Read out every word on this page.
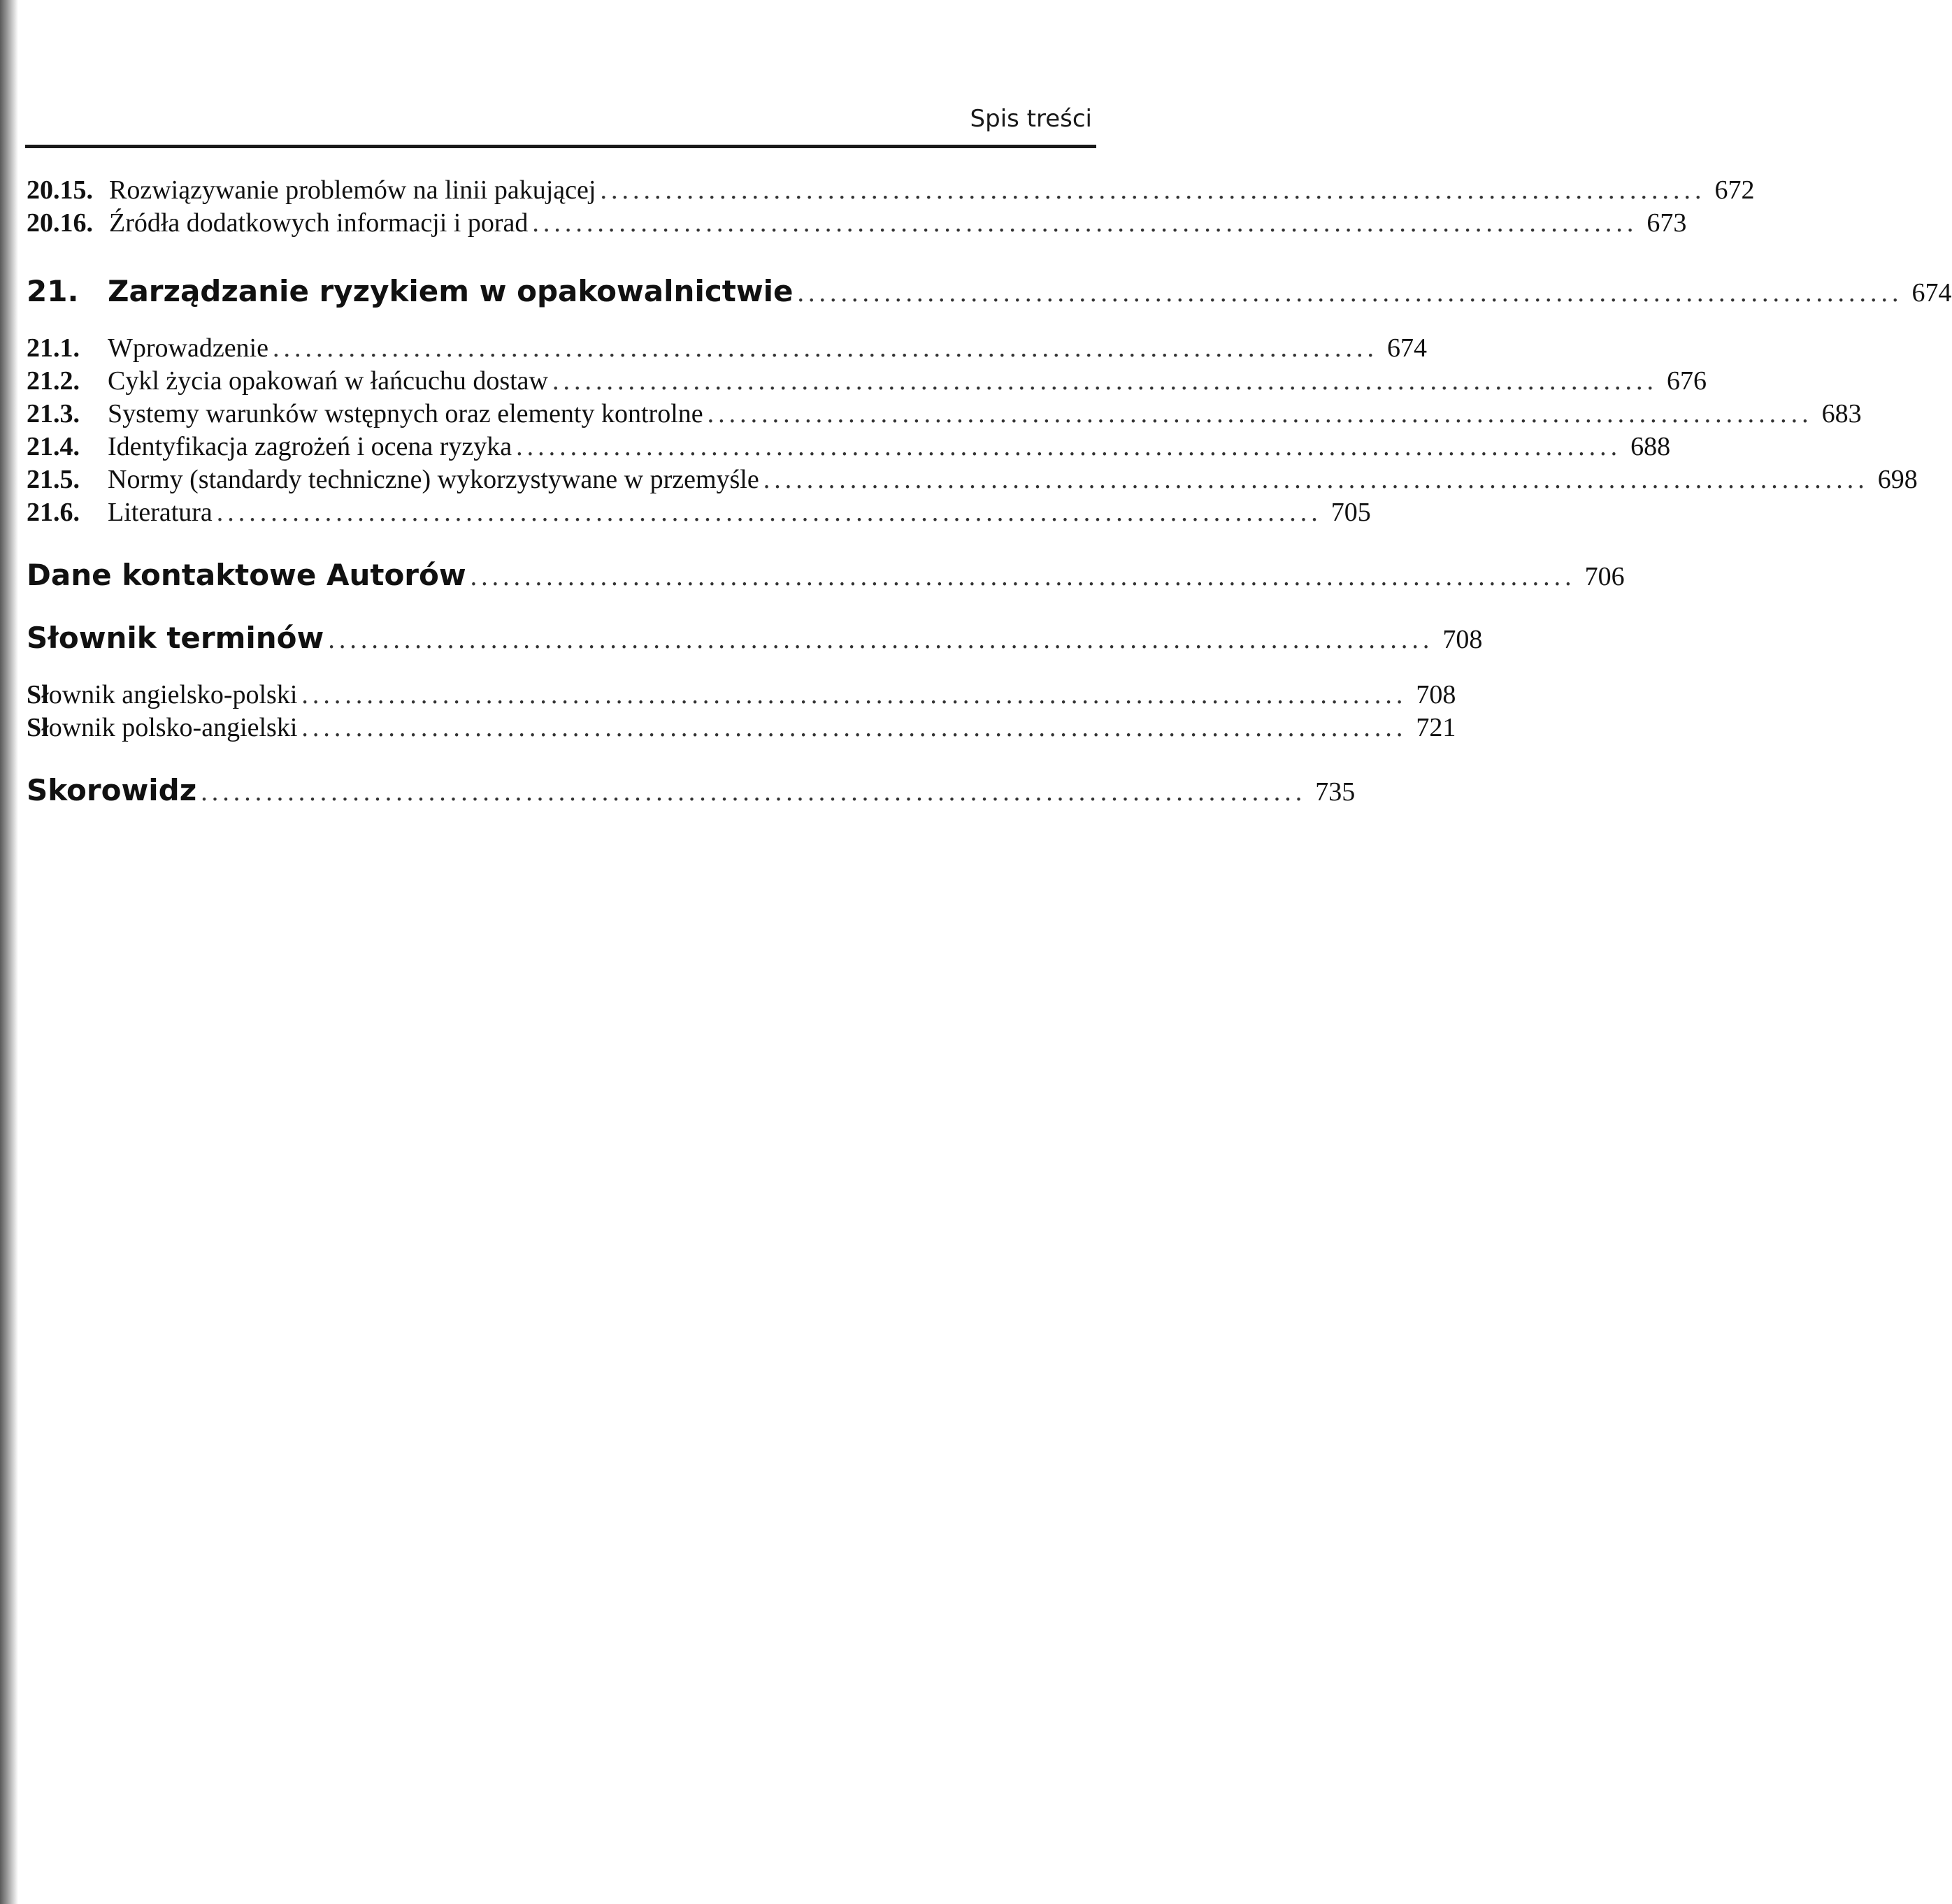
Spis treści
20.15. Rozwiązywanie problemów na linii pakującej ...................................................................................................... 672
20.16. Źródła dodatkowych informacji i porad ...................................................................................................... 673
21. Zarządzanie ryzykiem w opakowalnictwie ...................................................................................................... 674
21.1.	Wprowadzenie ...................................................................................................... 674
21.2.	Cykl życia opakowań w łańcuchu dostaw ...................................................................................................... 676
21.3.	Systemy warunków wstępnych oraz elementy kontrolne ...................................................................................................... 683
21.4.	Identyfikacja zagrożeń i ocena ryzyka ...................................................................................................... 688
21.5.	Normy (standardy techniczne) wykorzystywane w przemyśle ...................................................................................................... 698
21.6.	Literatura ...................................................................................................... 705
Dane kontaktowe Autorów ...................................................................................................... 706
Słownik terminów ...................................................................................................... 708
Słownik angielsko-polski ...................................................................................................... 708
Słownik polsko-angielski ...................................................................................................... 721
Skorowidz ...................................................................................................... 735
